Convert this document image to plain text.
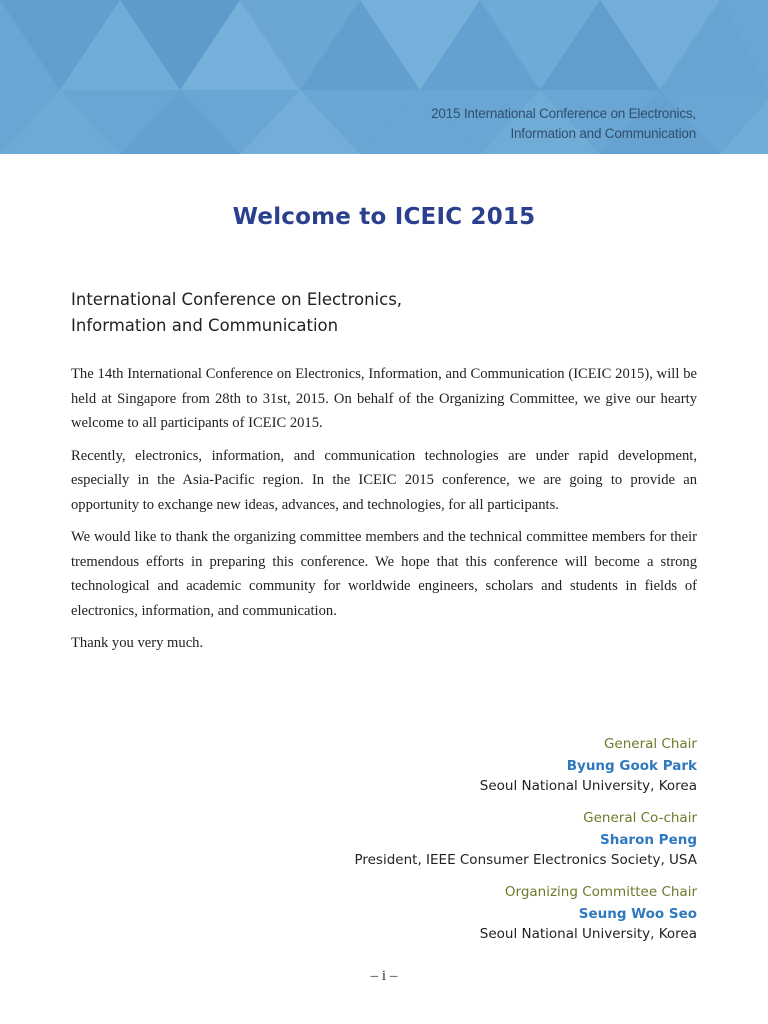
2015 International Conference on Electronics,
Information and Communication
Welcome to ICEIC 2015
International Conference on Electronics,
Information and Communication

The 14th International Conference on Electronics, Information, and Communication (ICEIC 2015), will be held at Singapore from 28th to 31st, 2015. On behalf of the Organizing Committee, we give our hearty welcome to all participants of ICEIC 2015.

Recently, electronics, information, and communication technologies are under rapid development, especially in the Asia-Pacific region. In the ICEIC 2015 conference, we are going to provide an opportunity to exchange new ideas, advances, and technologies, for all participants.

We would like to thank the organizing committee members and the technical committee members for their tremendous efforts in preparing this conference. We hope that this conference will become a strong technological and academic community for worldwide engineers, scholars and students in fields of electronics, information, and communication.

Thank you very much.

General Chair
Byung Gook Park
Seoul National University, Korea
General Co-chair
Sharon Peng
President, IEEE Consumer Electronics Society, USA
Organizing Committee Chair
Seung Woo Seo
Seoul National University, Korea
– i –
